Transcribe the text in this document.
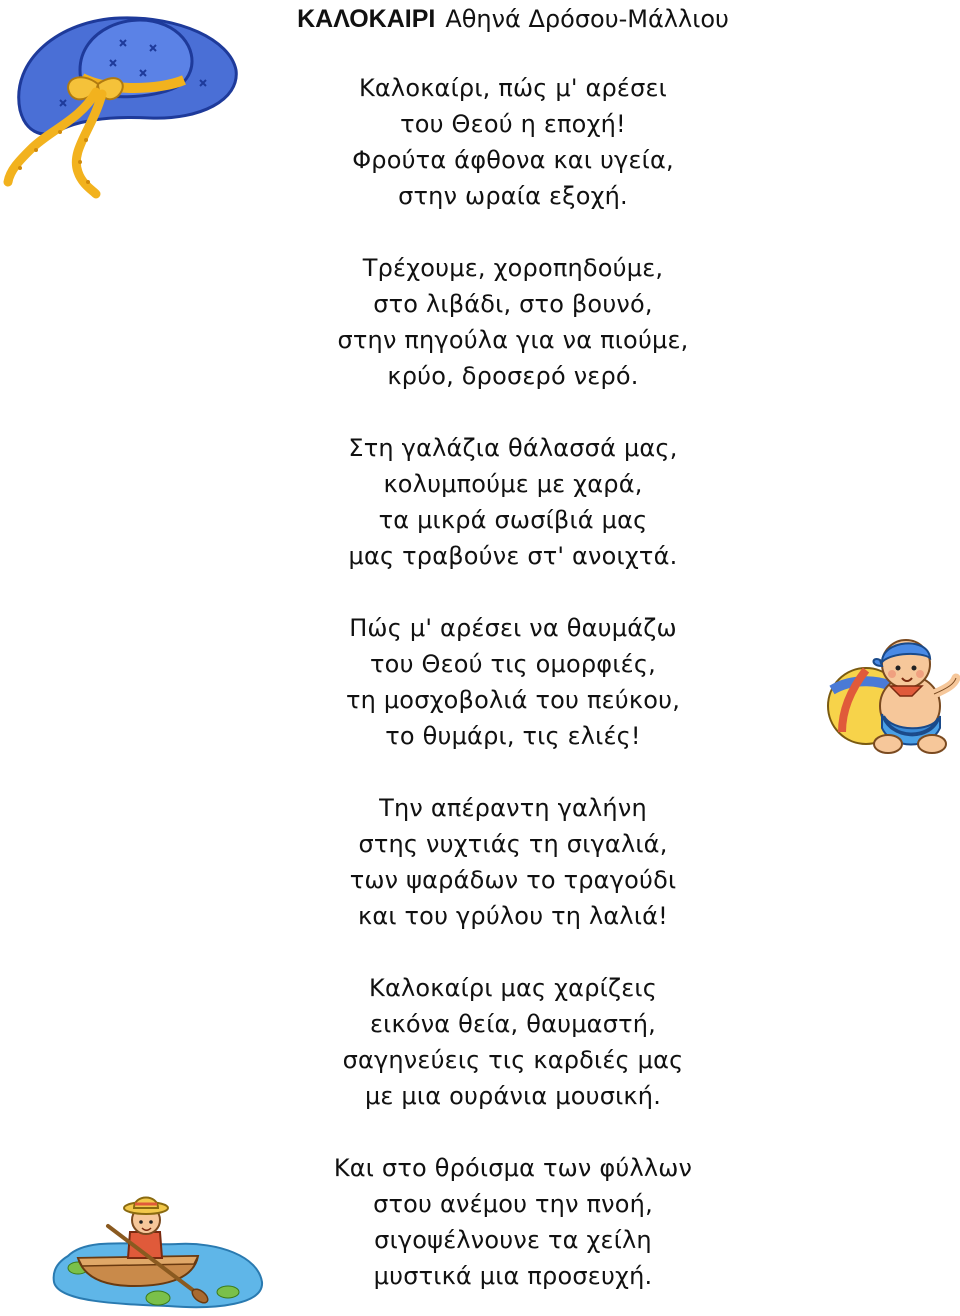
ΚΑΛΟΚΑΙΡΙ Αθηνά Δρόσου-Μάλλιου
Καλοκαίρι, πώς μ' αρέσει
του Θεού η εποχή!
Φρούτα άφθονα και υγεία,
στην ωραία εξοχή.
Τρέχουμε, χοροπηδούμε,
στο λιβάδι, στο βουνό,
στην πηγούλα για να πιούμε,
κρύο, δροσερό νερό.
Στη γαλάζια θάλασσά μας,
κολυμπούμε με χαρά,
τα μικρά σωσίβιά μας
μας τραβούνε στ' ανοιχτά.
Πώς μ' αρέσει να θαυμάζω
του Θεού τις ομορφιές,
τη μοσχοβολιά του πεύκου,
το θυμάρι, τις ελιές!
Την απέραντη γαλήνη
στης νυχτιάς τη σιγαλιά,
των ψαράδων το τραγούδι
και του γρύλου τη λαλιά!
Καλοκαίρι μας χαρίζεις
εικόνα θεία, θαυμαστή,
σαγηνεύεις τις καρδιές μας
με μια ουράνια μουσική.
Και στο θρόισμα των φύλλων
στου ανέμου την πνοή,
σιγοψέλνουνε τα χείλη
μυστικά μια προσευχή.
